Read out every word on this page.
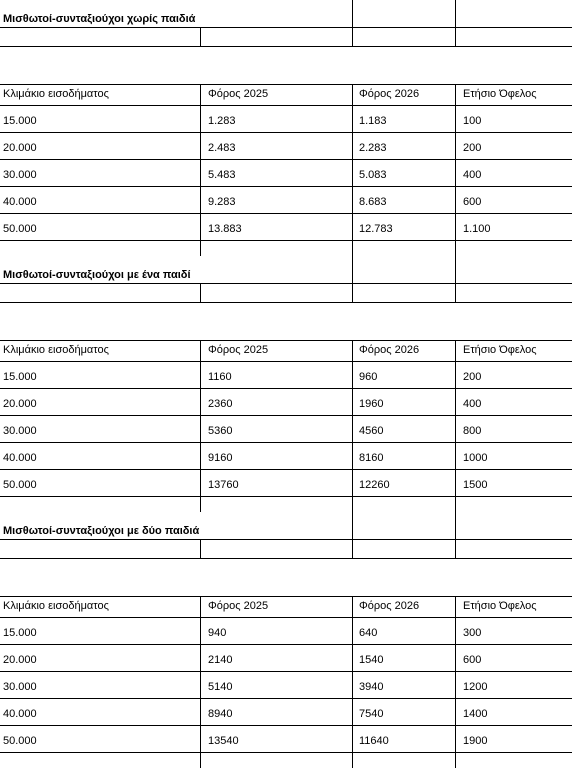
Μισθωτοί-συνταξιούχοι χωρίς παιδιά
Κλιμάκιο εισοδήματος	Φόρος 2025	Φόρος 2026	Ετήσιο Όφελος
15.000	1.283	1.183	100
20.000	2.483	2.283	200
30.000	5.483	5.083	400
40.000	9.283	8.683	600
50.000	13.883	12.783	1.100
Μισθωτοί-συνταξιούχοι με ένα παιδί
Κλιμάκιο εισοδήματος	Φόρος 2025	Φόρος 2026	Ετήσιο Όφελος
15.000	1160	960	200
20.000	2360	1960	400
30.000	5360	4560	800
40.000	9160	8160	1000
50.000	13760	12260	1500
Μισθωτοί-συνταξιούχοι με δύο παιδιά
Κλιμάκιο εισοδήματος	Φόρος 2025	Φόρος 2026	Ετήσιο Όφελος
15.000	940	640	300
20.000	2140	1540	600
30.000	5140	3940	1200
40.000	8940	7540	1400
50.000	13540	11640	1900
